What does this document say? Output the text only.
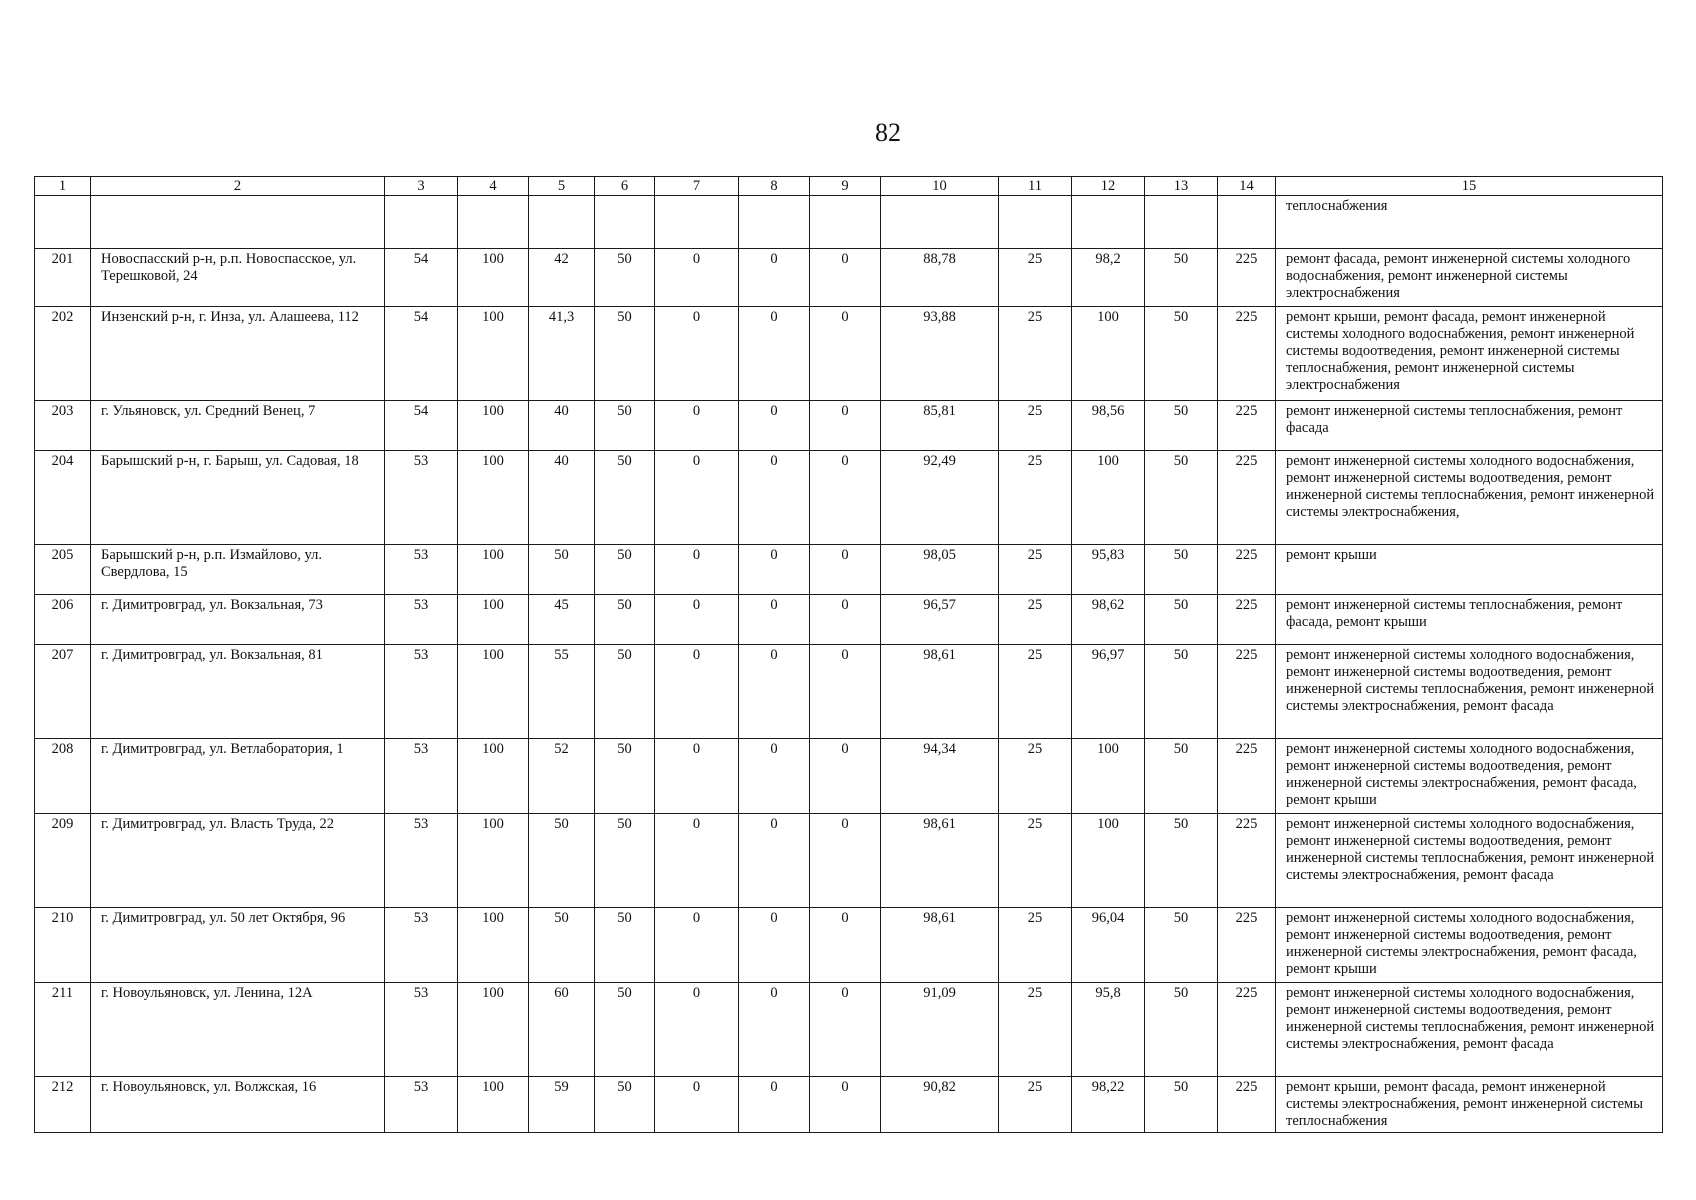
82
1	2	3	4	5	6	7	8	9	10	11	12	13	14	15
														теплоснабжения
201	Новоспасский р-н, р.п. Новоспасское, ул. Терешковой, 24	54	100	42	50	0	0	0	88,78	25	98,2	50	225	ремонт фасада, ремонт инженерной системы холодного водоснабжения, ремонт инженерной системы электроснабжения
202	Инзенский р-н, г. Инза, ул. Алашеева, 112	54	100	41,3	50	0	0	0	93,88	25	100	50	225	ремонт крыши, ремонт фасада, ремонт инженерной системы холодного водоснабжения, ремонт инженерной системы водоотведения, ремонт инженерной системы теплоснабжения, ремонт инженерной системы электроснабжения
203	г. Ульяновск, ул. Средний Венец, 7	54	100	40	50	0	0	0	85,81	25	98,56	50	225	ремонт инженерной системы теплоснабжения, ремонт фасада
204	Барышский р-н, г. Барыш, ул. Садовая, 18	53	100	40	50	0	0	0	92,49	25	100	50	225	ремонт инженерной системы холодного водоснабжения, ремонт инженерной системы водоотведения, ремонт инженерной системы теплоснабжения, ремонт инженерной системы электроснабжения,
205	Барышский р-н, р.п. Измайлово, ул. Свердлова, 15	53	100	50	50	0	0	0	98,05	25	95,83	50	225	ремонт крыши
206	г. Димитровград, ул. Вокзальная, 73	53	100	45	50	0	0	0	96,57	25	98,62	50	225	ремонт инженерной системы теплоснабжения, ремонт фасада, ремонт крыши
207	г. Димитровград, ул. Вокзальная, 81	53	100	55	50	0	0	0	98,61	25	96,97	50	225	ремонт инженерной системы холодного водоснабжения, ремонт инженерной системы водоотведения, ремонт инженерной системы теплоснабжения, ремонт инженерной системы электроснабжения, ремонт фасада
208	г. Димитровград, ул. Ветлаборатория, 1	53	100	52	50	0	0	0	94,34	25	100	50	225	ремонт инженерной системы холодного водоснабжения, ремонт инженерной системы водоотведения, ремонт инженерной системы электроснабжения, ремонт фасада, ремонт крыши
209	г. Димитровград, ул. Власть Труда, 22	53	100	50	50	0	0	0	98,61	25	100	50	225	ремонт инженерной системы холодного водоснабжения, ремонт инженерной системы водоотведения, ремонт инженерной системы теплоснабжения, ремонт инженерной системы электроснабжения, ремонт фасада
210	г. Димитровград, ул. 50 лет Октября, 96	53	100	50	50	0	0	0	98,61	25	96,04	50	225	ремонт инженерной системы холодного водоснабжения, ремонт инженерной системы водоотведения, ремонт инженерной системы электроснабжения, ремонт фасада, ремонт крыши
211	г. Новоульяновск, ул. Ленина, 12А	53	100	60	50	0	0	0	91,09	25	95,8	50	225	ремонт инженерной системы холодного водоснабжения, ремонт инженерной системы водоотведения, ремонт инженерной системы теплоснабжения, ремонт инженерной системы электроснабжения, ремонт фасада
212	г. Новоульяновск, ул. Волжская, 16	53	100	59	50	0	0	0	90,82	25	98,22	50	225	ремонт крыши, ремонт фасада, ремонт инженерной системы электроснабжения, ремонт инженерной системы теплоснабжения
